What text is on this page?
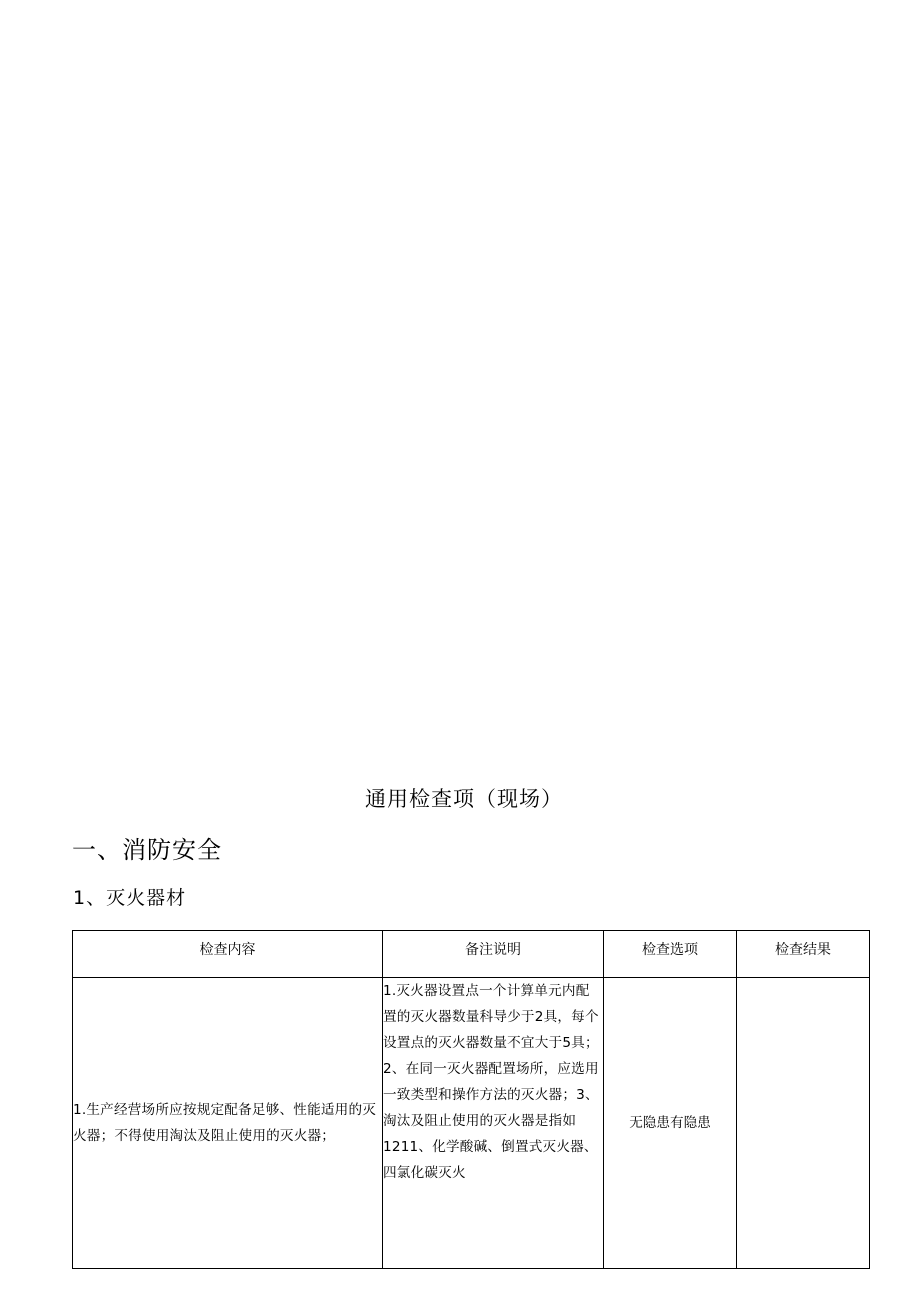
通用检查项（现场）
一、消防安全
1、灭火器材
检查内容	备注说明	检查选项	检查结果
1.生产经营场所应按规定配备足够、性能适用的灭火器；不得使用淘汰及阻止使用的灭火器；	1.灭火器设置点一个计算单元内配置的灭火器数量科导少于2具，每个设置点的灭火器数量不宜大于5具；2、在同一灭火器配置场所，应选用一致类型和操作方法的灭火器；3、淘汰及阻止使用的灭火器是指如1211、化学酸碱、倒置式灭火器、四氯化碳灭火	无隐患有隐患	
